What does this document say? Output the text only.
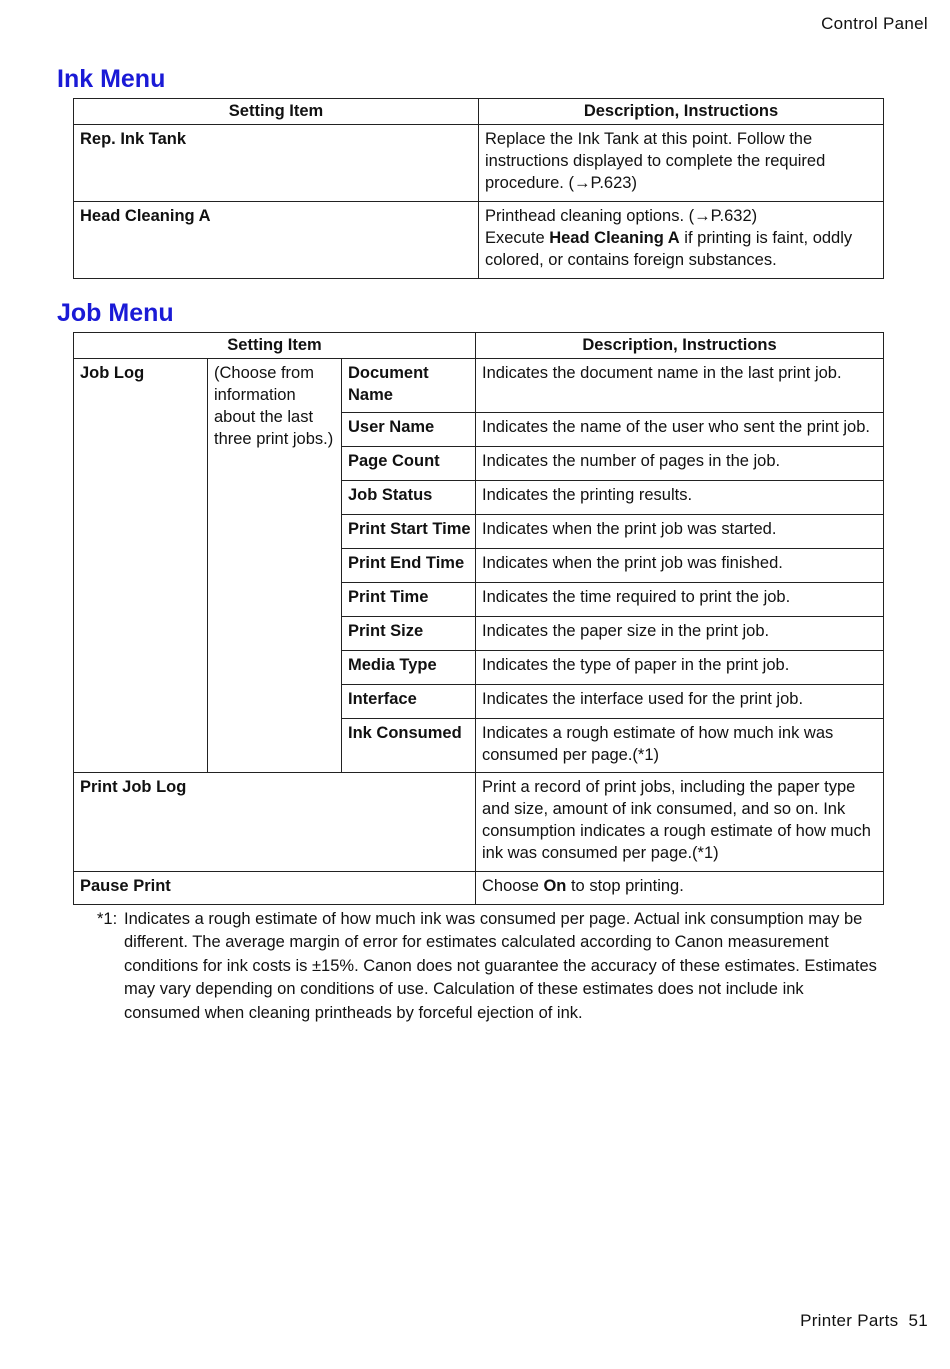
Control Panel
Ink Menu
Setting Item	Description, Instructions
Rep. Ink Tank	Replace the Ink Tank at this point. Follow the instructions displayed to complete the required procedure. (→P.623)
Head Cleaning A	Printhead cleaning options. (→P.632)
Execute Head Cleaning A if printing is faint, oddly colored, or contains foreign substances.
Job Menu
Setting Item			Description, Instructions
Job Log	(Choose from information about the last three print jobs.)	Document Name	Indicates the document name in the last print job.
		User Name	Indicates the name of the user who sent the print job.
		Page Count	Indicates the number of pages in the job.
		Job Status	Indicates the printing results.
		Print Start Time	Indicates when the print job was started.
		Print End Time	Indicates when the print job was finished.
		Print Time	Indicates the time required to print the job.
		Print Size	Indicates the paper size in the print job.
		Media Type	Indicates the type of paper in the print job.
		Interface	Indicates the interface used for the print job.
		Ink Consumed	Indicates a rough estimate of how much ink was consumed per page.(*1)
Print Job Log			Print a record of print jobs, including the paper type and size, amount of ink consumed, and so on. Ink consumption indicates a rough estimate of how much ink was consumed per page.(*1)
Pause Print			Choose On to stop printing.
*1: Indicates a rough estimate of how much ink was consumed per page. Actual ink consumption may be different. The average margin of error for estimates calculated according to Canon measurement conditions for ink costs is ±15%. Canon does not guarantee the accuracy of these estimates. Estimates may vary depending on conditions of use. Calculation of these estimates does not include ink consumed when cleaning printheads by forceful ejection of ink.

Printer Parts 51
